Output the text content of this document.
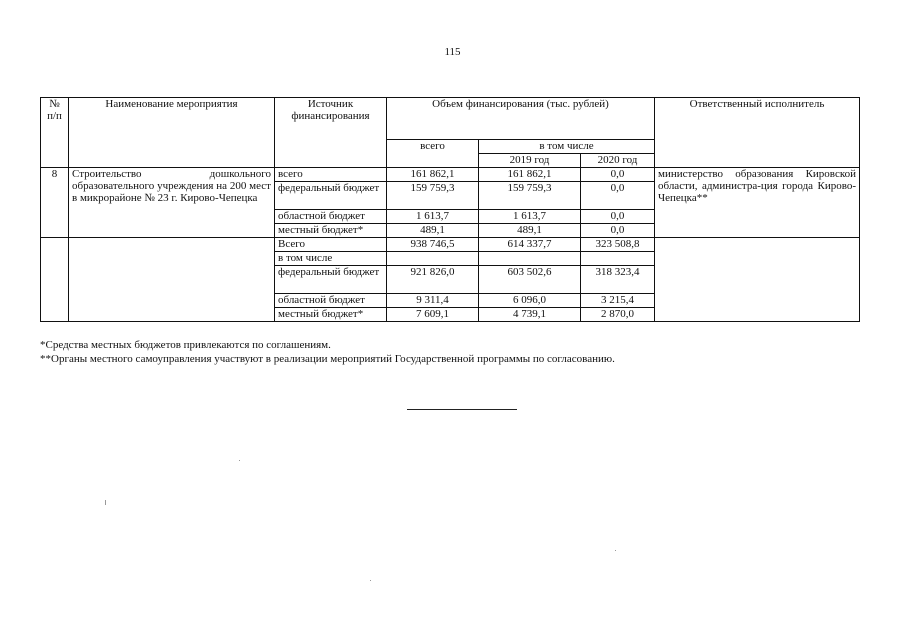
115
№ п/п	Наименование мероприятия	Источник финансирования	Объем финансирования (тыс. рублей)			Ответственный исполнитель
			всего	в том числе		
				2019 год	2020 год	
8	Строительство дошкольного образовательного учреждения на 200 мест в микрорайоне № 23 г. Кирово-Чепецка	всего	161 862,1	161 862,1	0,0	министерство образования Кировской области, администра-ция города Кирово-Чепецка**
		федеральный бюджет	159 759,3	159 759,3	0,0	
		областной бюджет	1 613,7	1 613,7	0,0	
		местный бюджет*	489,1	489,1	0,0	
		Всего	938 746,5	614 337,7	323 508,8	
		в том числе				
		федеральный бюджет	921 826,0	603 502,6	318 323,4	
		областной бюджет	9 311,4	6 096,0	3 215,4	
		местный бюджет*	7 609,1	4 739,1	2 870,0	
*Средства местных бюджетов привлекаются по соглашениям.
**Органы местного самоуправления участвуют в реализации мероприятий Государственной программы по согласованию.
